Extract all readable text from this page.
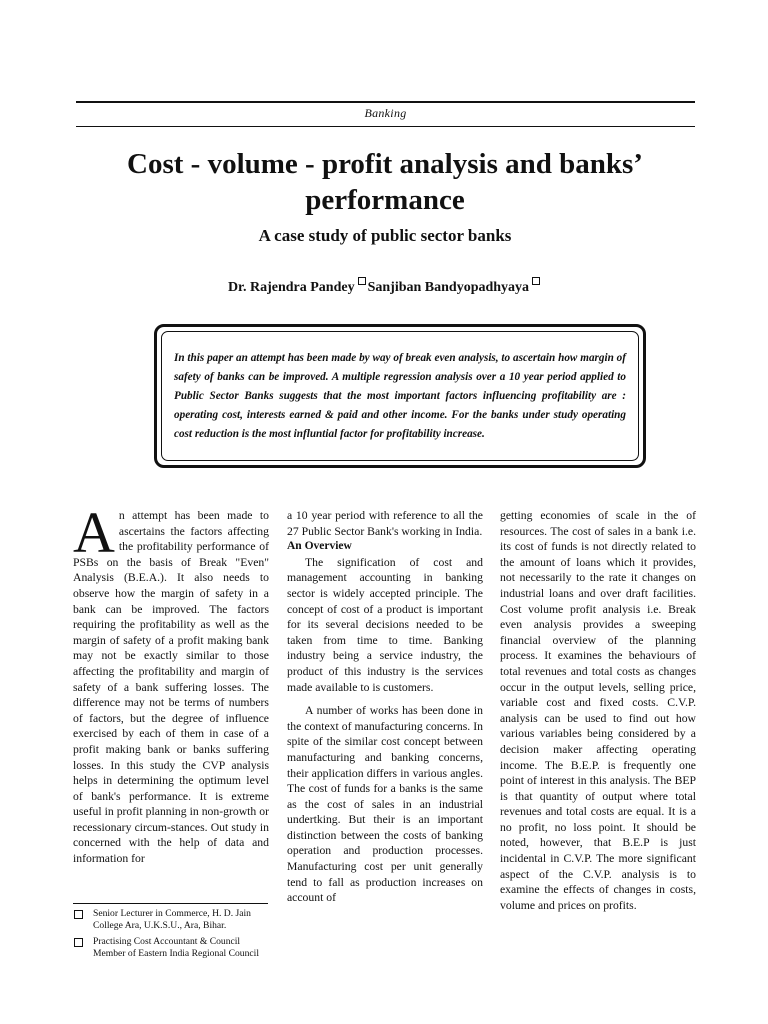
Banking
Cost - volume - profit analysis and banks’ performance
A case study of public sector banks
Dr. Rajendra Pandey Sanjiban Bandyopadhyaya

In this paper an attempt has been made by way of break even analysis, to ascertain how margin of safety of banks can be improved. A multiple regression analysis over a 10 year period applied to Public Sector Banks suggests that the most important factors influencing profitability are : operating cost, interests earned & paid and other income. For the banks under study operating cost reduction is the most influntial factor for profitability increase.

An attempt has been made to ascertains the factors affecting the profitability performance of PSBs on the basis of Break "Even" Analysis (B.E.A.). It also needs to observe how the margin of safety in a bank can be improved. The factors requiring the profitability as well as the margin of safety of a profit making bank may not be exactly similar to those affecting the profitability and margin of safety of a bank suffering losses. The difference may not be terms of numbers of factors, but the degree of influence exercised by each of them in case of a profit making bank or banks suffering losses. In this study the CVP analysis helps in determining the optimum level of bank's performance. It is extreme useful in profit planning in non-growth or recessionary circum-stances. Out study in concerned with the help of data and information for

a 10 year period with reference to all the 27 Public Sector Bank's working in India.

An Overview

The signification of cost and management accounting in banking sector is widely accepted principle. The concept of cost of a product is important for its several decisions needed to be taken from time to time. Banking industry being a service industry, the product of this industry is the services made available to is customers.

A number of works has been done in the context of manufacturing concerns. In spite of the similar cost concept between manufacturing and banking concerns, their application differs in various angles. The cost of funds for a banks is the same as the cost of sales in an industrial undertking. But their is an important distinction between the costs of banking operation and production processes. Manufacturing cost per unit generally tend to fall as production increases on account of

getting economies of scale in the of resources. The cost of sales in a bank i.e. its cost of funds is not directly related to the amount of loans which it provides, not necessarily to the rate it changes on industrial loans and over draft facilities. Cost volume profit analysis i.e. Break even analysis provides a sweeping financial overview of the planning process. It examines the behaviours of total revenues and total costs as changes occur in the output levels, selling price, variable cost and fixed costs. C.V.P. analysis can be used to find out how various variables being considered by a decision maker affecting operating income. The B.E.P. is frequently one point of interest in this analysis. The BEP is that quantity of output where total revenues and total costs are equal. It is a no profit, no loss point. It should be noted, however, that B.E.P is just incidental in C.V.P. The more significant aspect of the C.V.P. analysis is to examine the effects of changes in costs, volume and prices on profits.

Senior Lecturer in Commerce, H. D. Jain College Ara, U.K.S.U., Ara, Bihar.

Practising Cost Accountant & Council Member of Eastern India Regional Council
